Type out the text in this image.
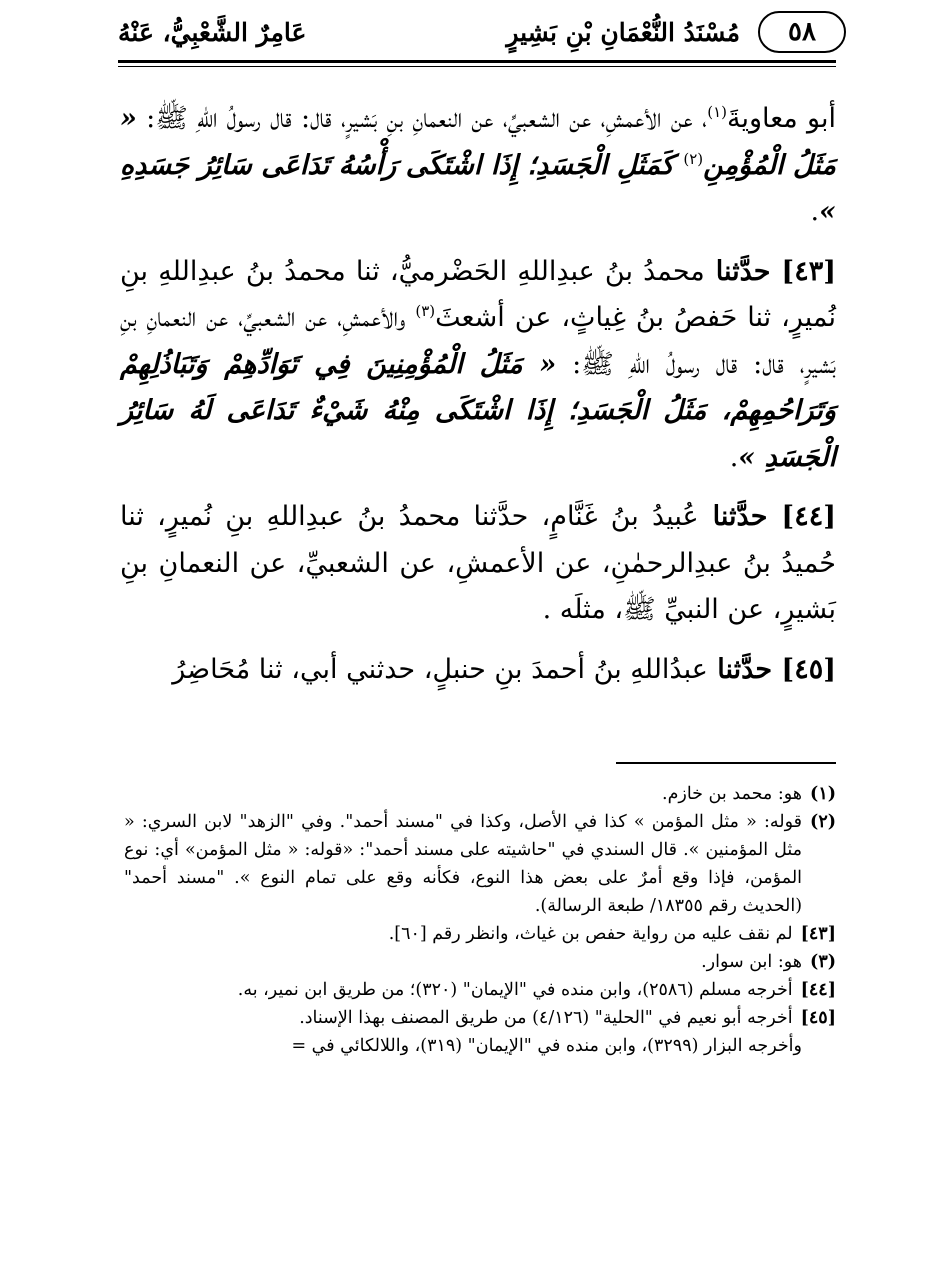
٥٨
مُسْنَدُ النُّعْمَانِ بْنِ بَشِيرٍ
عَامِرٌ الشَّعْبِيُّ، عَنْهُ

أبو معاويةَ$^{(١)}$، عن الأعمشِ، عن الشعبيِّ، عن النعمانِ بنِ بَشيرٍ، قال: قال رسولُ اللهِ ﷺ: « مَثَلُ الْمُؤْمِنِ$^{(٢)}$ كَمَثَلِ الْجَسَدِ؛ إِذَا اشْتَكَى رَأْسُهُ تَدَاعَى سَائِرُ جَسَدِهِ ».

[٤٣] حدَّثنا محمدُ بنُ عبدِاللهِ الحَضْرميُّ، ثنا محمدُ بنُ عبدِاللهِ بنِ نُميرٍ، ثنا حَفصُ بنُ غِياثٍ، عن أشعثَ$^{(٣)}$ والأعمشِ، عن الشعبيِّ، عن النعمانِ بنِ بَشيرٍ، قال: قال رسولُ اللهِ ﷺ: « مَثَلُ الْمُؤْمِنِينَ فِي تَوَادِّهِمْ وَتَبَاذُلِهِمْ وَتَرَاحُمِهِمْ، مَثَلُ الْجَسَدِ؛ إِذَا اشْتَكَى مِنْهُ شَيْءٌ تَدَاعَى لَهُ سَائِرُ الْجَسَدِ ».

[٤٤] حدَّثنا عُبيدُ بنُ غَنَّامٍ، حدَّثنا محمدُ بنُ عبدِاللهِ بنِ نُميرٍ، ثنا حُميدُ بنُ عبدِالرحمٰنِ، عن الأعمشِ، عن الشعبيِّ، عن النعمانِ بنِ بَشيرٍ، عن النبيِّ ﷺ، مثلَه .

[٤٥] حدَّثنا عبدُاللهِ بنُ أحمدَ بنِ حنبلٍ، حدثني أبي، ثنا مُحَاضِرُ

(١)
هو: محمد بن خازم.

(٢)
قوله: « مثل المؤمن » كذا في الأصل، وكذا في "مسند أحمد". وفي "الزهد" لابن السري: « مثل المؤمنين ». قال السندي في "حاشيته على مسند أحمد": «قوله: « مثل المؤمن» أي: نوع المؤمن، فإذا وقع أمرٌ على بعض هذا النوع، فكأنه وقع على تمام النوع ». "مسند أحمد" (الحديث رقم ١٨٣٥٥/ طبعة الرسالة).

[٤٣]
لم نقف عليه من رواية حفص بن غياث، وانظر رقم [٦٠].

(٣)
هو: ابن سوار.

[٤٤]
أخرجه مسلم (٢٥٨٦)، وابن منده في "الإيمان" (٣٢٠)؛ من طريق ابن نمير، به.

[٤٥]
أخرجه أبو نعيم في "الحلية" (٤/١٢٦) من طريق المصنف بهذا الإسناد.

وأخرجه البزار (٣٢٩٩)، وابن منده في "الإيمان" (٣١٩)، واللالكائي في =
